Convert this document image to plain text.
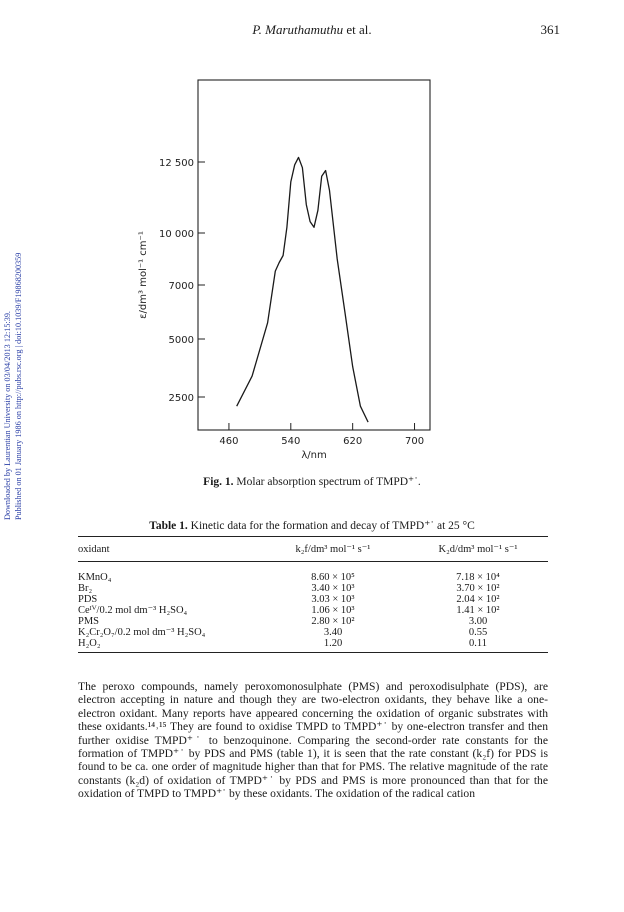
P. Maruthamuthu et al.	361
Downloaded by Laurentian University on 03/04/2013 12:15:39. Published on 01 January 1986 on http://pubs.rsc.org | doi:10.1039/F19868200359	2500
5000
7000
10 000
12 500
460	540	620	700
λ/nm
ε/dm³ mol⁻¹ cm⁻¹
Fig. 1. Molar absorption spectrum of TMPD⁺˙.
Table 1. Kinetic data for the formation and decay of TMPD⁺˙ at 25 °C
oxidant	k₂f/dm³ mol⁻¹ s⁻¹	K₂d/dm³ mol⁻¹ s⁻¹
KMnO₄	8.60 × 10⁵	7.18 × 10⁴
Br₂	3.40 × 10³	3.70 × 10²
PDS	3.03 × 10³	2.04 × 10²
Ceᴵⱽ/0.2 mol dm⁻³ H₂SO₄	1.06 × 10³	1.41 × 10²
PMS	2.80 × 10²	3.00
K₂Cr₂O₇/0.2 mol dm⁻³ H₂SO₄	3.40	0.55
H₂O₂	1.20	0.11
The peroxo compounds, namely peroxomonosulphate (PMS) and peroxodisulphate (PDS), are electron accepting in nature and though they are two-electron oxidants, they behave like a one-electron oxidant. Many reports have appeared concerning the oxidation of organic substrates with these oxidants.¹⁴˒¹⁵ They are found to oxidise TMPD to TMPD⁺˙ by one-electron transfer and then further oxidise TMPD⁺˙ to benzoquinone. Comparing the second-order rate constants for the formation of TMPD⁺˙ by PDS and PMS (table 1), it is seen that the rate constant (k₂f) for PDS is found to be ca. one order of magnitude higher than that for PMS. The relative magnitude of the rate constants (k₂d) of oxidation of TMPD⁺˙ by PDS and PMS is more pronounced than that for the oxidation of TMPD to TMPD⁺˙ by these oxidants. The oxidation of the radical cation
